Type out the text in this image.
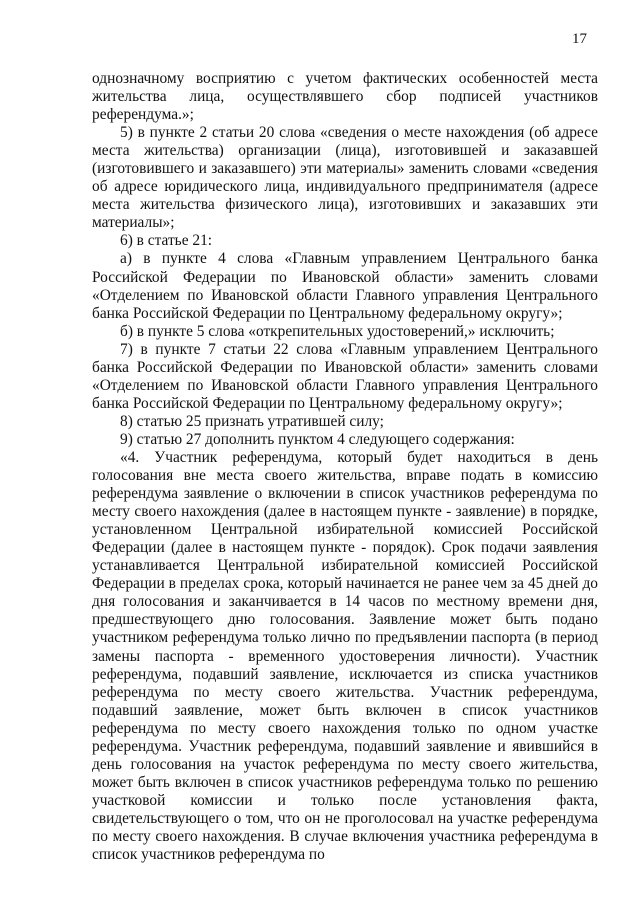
17

однозначному восприятию с учетом фактических особенностей места жительства лица, осуществлявшего сбор подписей участников референдума.»;

5) в пункте 2 статьи 20 слова «сведения о месте нахождения (об адресе места жительства) организации (лица), изготовившей и заказавшей (изготовившего и заказавшего) эти материалы» заменить словами «сведения об адресе юридического лица, индивидуального предпринимателя (адресе места жительства физического лица), изготовивших и заказавших эти материалы»;

6) в статье 21:

а) в пункте 4 слова «Главным управлением Центрального банка Российской Федерации по Ивановской области» заменить словами «Отделением по Ивановской области Главного управления Центрального банка Российской Федерации по Центральному федеральному округу»;

б) в пункте 5 слова «открепительных удостоверений,» исключить;

7) в пункте 7 статьи 22 слова «Главным управлением Центрального банка Российской Федерации по Ивановской области» заменить словами «Отделением по Ивановской области Главного управления Центрального банка Российской Федерации по Центральному федеральному округу»;

8) статью 25 признать утратившей силу;

9) статью 27 дополнить пунктом 4 следующего содержания:

«4. Участник референдума, который будет находиться в день голосования вне места своего жительства, вправе подать в комиссию референдума заявление о включении в список участников референдума по месту своего нахождения (далее в настоящем пункте - заявление) в порядке, установленном Центральной избирательной комиссией Российской Федерации (далее в настоящем пункте - порядок). Срок подачи заявления устанавливается Центральной избирательной комиссией Российской Федерации в пределах срока, который начинается не ранее чем за 45 дней до дня голосования и заканчивается в 14 часов по местному времени дня, предшествующего дню голосования. Заявление может быть подано участником референдума только лично по предъявлении паспорта (в период замены паспорта - временного удостоверения личности). Участник референдума, подавший заявление, исключается из списка участников референдума по месту своего жительства. Участник референдума, подавший заявление, может быть включен в список участников референдума по месту своего нахождения только по одном участке референдума. Участник референдума, подавший заявление и явившийся в день голосования на участок референдума по месту своего жительства, может быть включен в список участников референдума только по решению участковой комиссии и только после установления факта, свидетельствующего о том, что он не проголосовал на участке референдума по месту своего нахождения. В случае включения участника референдума в список участников референдума по
